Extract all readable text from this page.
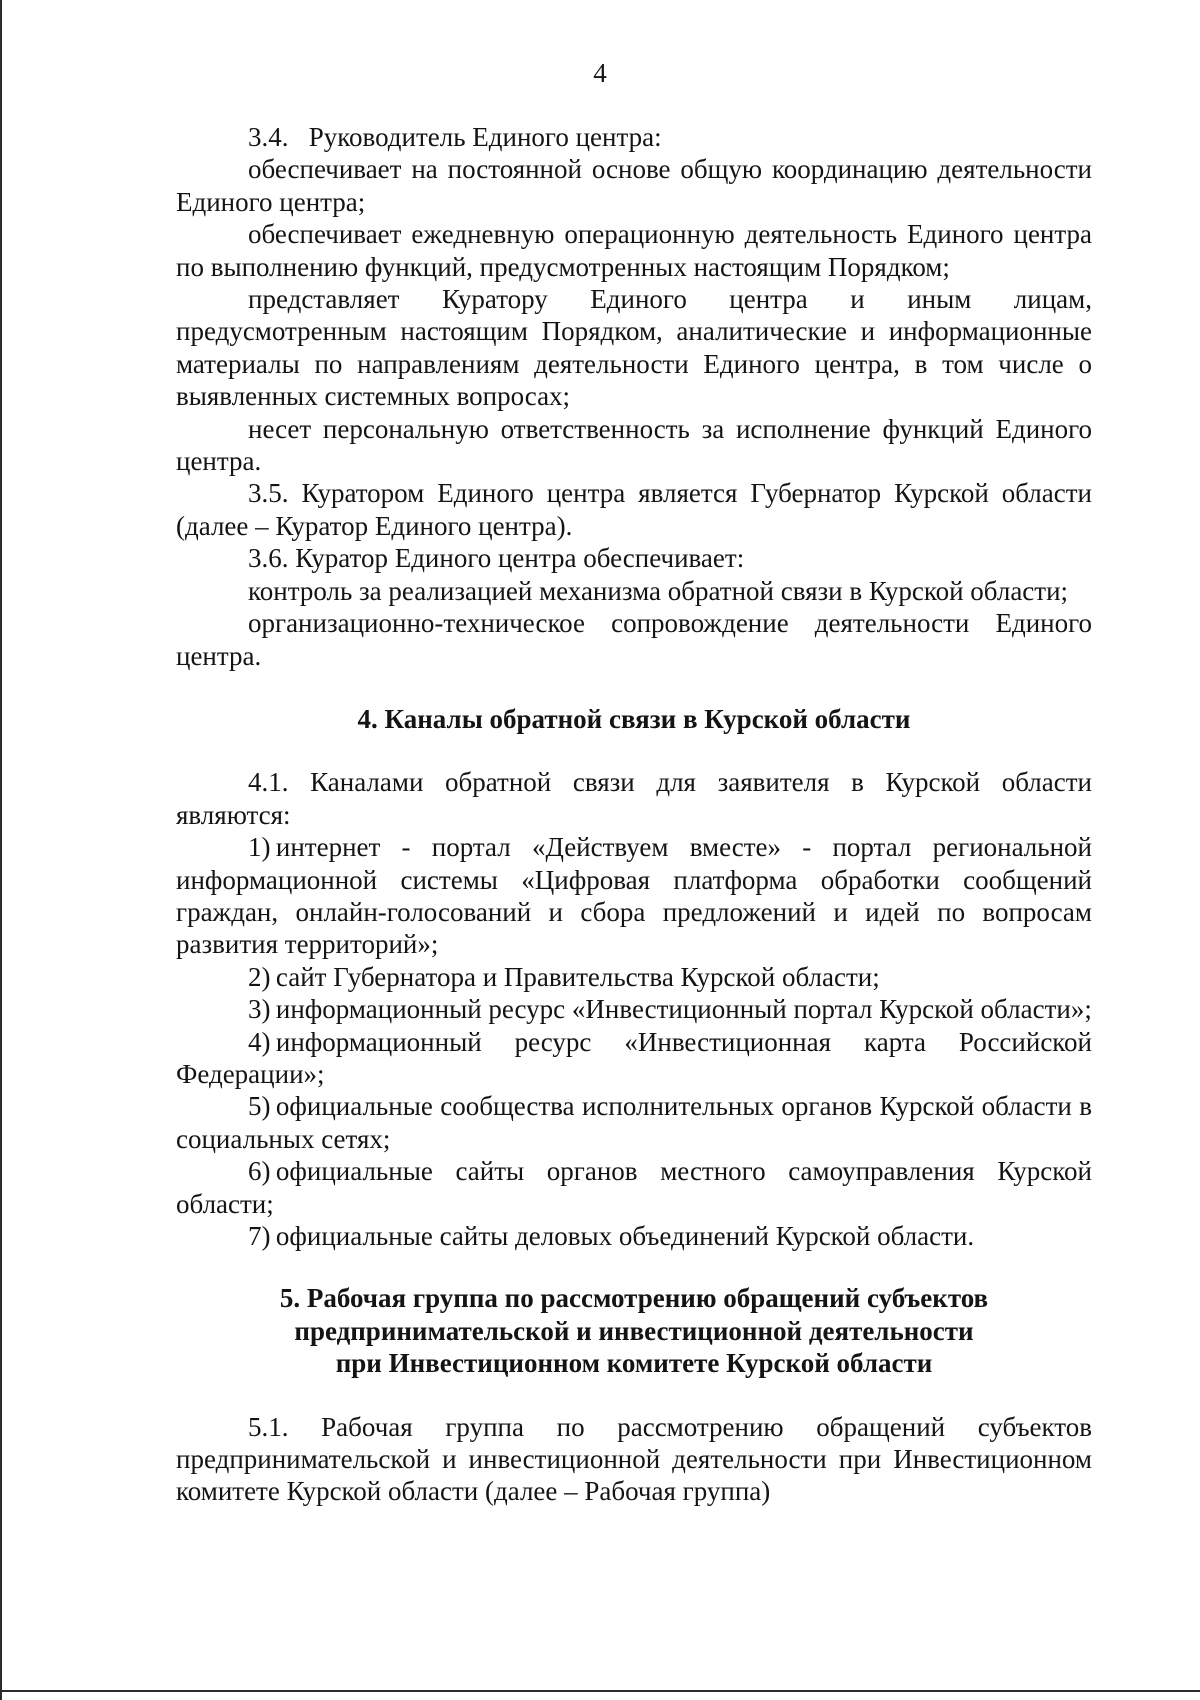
4

3.4.   Руководитель Единого центра:

обеспечивает на постоянной основе общую координацию деятельности Единого центра;

обеспечивает ежедневную операционную деятельность Единого центра по выполнению функций, предусмотренных настоящим Порядком;

представляет Куратору Единого центра и иным лицам, предусмотренным настоящим Порядком, аналитические и информационные материалы по направлениям деятельности Единого центра, в том числе о выявленных системных вопросах;

несет персональную ответственность за исполнение функций Единого центра.

3.5. Куратором Единого центра является Губернатор Курской области (далее – Куратор Единого центра).

3.6. Куратор Единого центра обеспечивает:

контроль за реализацией механизма обратной связи в Курской области;

организационно-техническое сопровождение деятельности Единого центра.

4. Каналы обратной связи в Курской области

4.1. Каналами обратной связи для заявителя в Курской области являются:

1) интернет - портал «Действуем вместе» - портал региональной информационной системы «Цифровая платформа обработки сообщений граждан, онлайн-голосований и сбора предложений и идей по вопросам развития территорий»;

2) сайт Губернатора и Правительства Курской области;

3) информационный ресурс «Инвестиционный портал Курской области»;

4) информационный ресурс «Инвестиционная карта Российской Федерации»;

5) официальные сообщества исполнительных органов Курской области в социальных сетях;

6) официальные сайты органов местного самоуправления Курской области;

7) официальные сайты деловых объединений Курской области.

5. Рабочая группа по рассмотрению обращений субъектов
предпринимательской и инвестиционной деятельности
при Инвестиционном комитете Курской области

5.1. Рабочая группа по рассмотрению обращений субъектов предпринимательской и инвестиционной деятельности при Инвестиционном комитете Курской области (далее – Рабочая группа)
